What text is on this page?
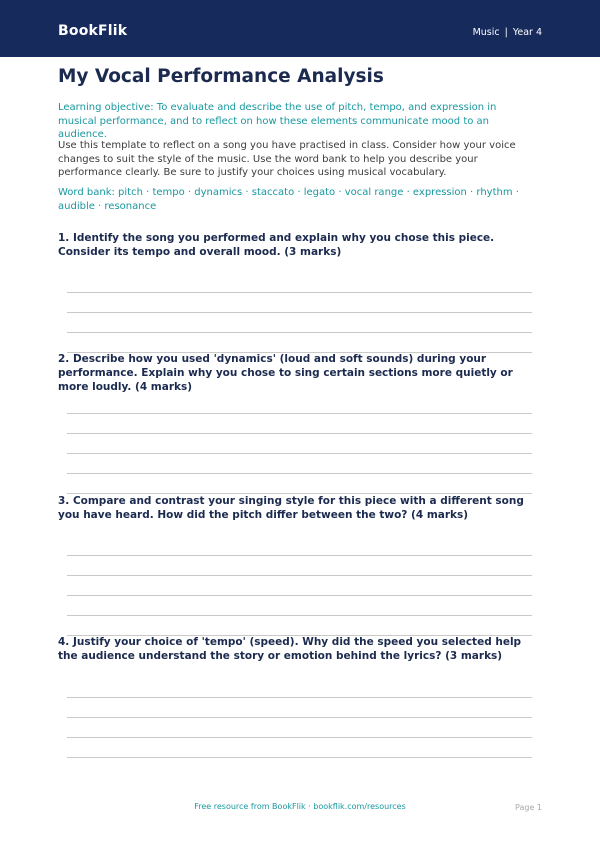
BookFlik	Music | Year 4
My Vocal Performance Analysis
Learning objective: To evaluate and describe the use of pitch, tempo, and expression in musical performance, and to reflect on how these elements communicate mood to an audience.
Use this template to reflect on a song you have practised in class. Consider how your voice changes to suit the style of the music. Use the word bank to help you describe your performance clearly. Be sure to justify your choices using musical vocabulary.
Word bank: pitch · tempo · dynamics · staccato · legato · vocal range · expression · rhythm · audible · resonance
1. Identify the song you performed and explain why you chose this piece. Consider its tempo and overall mood. (3 marks)
2. Describe how you used 'dynamics' (loud and soft sounds) during your performance. Explain why you chose to sing certain sections more quietly or more loudly. (4 marks)
3. Compare and contrast your singing style for this piece with a different song you have heard. How did the pitch differ between the two? (4 marks)
4. Justify your choice of 'tempo' (speed). Why did the speed you selected help the audience understand the story or emotion behind the lyrics? (3 marks)
Free resource from BookFlik · bookflik.com/resources	Page 1
